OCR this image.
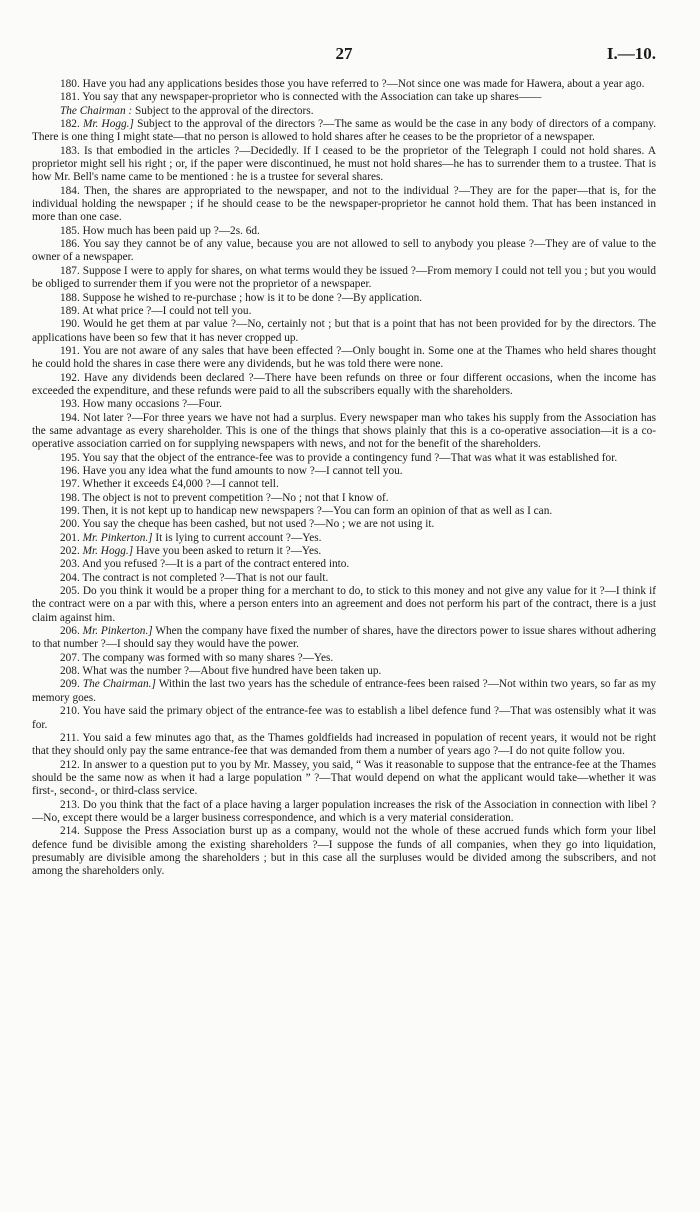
27	I.—10.

180. Have you had any applications besides those you have referred to ?—Not since one was made for Hawera, about a year ago.

181. You say that any newspaper-proprietor who is connected with the Association can take up shares——

The Chairman : Subject to the approval of the directors.

182. Mr. Hogg.] Subject to the approval of the directors ?—The same as would be the case in any body of directors of a company. There is one thing I might state—that no person is allowed to hold shares after he ceases to be the proprietor of a newspaper.

183. Is that embodied in the articles ?—Decidedly. If I ceased to be the proprietor of the Telegraph I could not hold shares. A proprietor might sell his right ; or, if the paper were discontinued, he must not hold shares—he has to surrender them to a trustee. That is how Mr. Bell's name came to be mentioned : he is a trustee for several shares.

184. Then, the shares are appropriated to the newspaper, and not to the individual ?—They are for the paper—that is, for the individual holding the newspaper ; if he should cease to be the newspaper-proprietor he cannot hold them. That has been instanced in more than one case.

185. How much has been paid up ?—2s. 6d.

186. You say they cannot be of any value, because you are not allowed to sell to anybody you please ?—They are of value to the owner of a newspaper.

187. Suppose I were to apply for shares, on what terms would they be issued ?—From memory I could not tell you ; but you would be obliged to surrender them if you were not the proprietor of a newspaper.

188. Suppose he wished to re-purchase ; how is it to be done ?—By application.

189. At what price ?—I could not tell you.

190. Would he get them at par value ?—No, certainly not ; but that is a point that has not been provided for by the directors. The applications have been so few that it has never cropped up.

191. You are not aware of any sales that have been effected ?—Only bought in. Some one at the Thames who held shares thought he could hold the shares in case there were any dividends, but he was told there were none.

192. Have any dividends been declared ?—There have been refunds on three or four different occasions, when the income has exceeded the expenditure, and these refunds were paid to all the subscribers equally with the shareholders.

193. How many occasions ?—Four.

194. Not later ?—For three years we have not had a surplus. Every newspaper man who takes his supply from the Association has the same advantage as every shareholder. This is one of the things that shows plainly that this is a co-operative association—it is a co-operative association carried on for supplying newspapers with news, and not for the benefit of the shareholders.

195. You say that the object of the entrance-fee was to provide a contingency fund ?—That was what it was established for.

196. Have you any idea what the fund amounts to now ?—I cannot tell you.

197. Whether it exceeds £4,000 ?—I cannot tell.

198. The object is not to prevent competition ?—No ; not that I know of.

199. Then, it is not kept up to handicap new newspapers ?—You can form an opinion of that as well as I can.

200. You say the cheque has been cashed, but not used ?—No ; we are not using it.

201. Mr. Pinkerton.] It is lying to current account ?—Yes.

202. Mr. Hogg.] Have you been asked to return it ?—Yes.

203. And you refused ?—It is a part of the contract entered into.

204. The contract is not completed ?—That is not our fault.

205. Do you think it would be a proper thing for a merchant to do, to stick to this money and not give any value for it ?—I think if the contract were on a par with this, where a person enters into an agreement and does not perform his part of the contract, there is a just claim against him.

206. Mr. Pinkerton.] When the company have fixed the number of shares, have the directors power to issue shares without adhering to that number ?—I should say they would have the power.

207. The company was formed with so many shares ?—Yes.

208. What was the number ?—About five hundred have been taken up.

209. The Chairman.] Within the last two years has the schedule of entrance-fees been raised ?—Not within two years, so far as my memory goes.

210. You have said the primary object of the entrance-fee was to establish a libel defence fund ?—That was ostensibly what it was for.

211. You said a few minutes ago that, as the Thames goldfields had increased in population of recent years, it would not be right that they should only pay the same entrance-fee that was demanded from them a number of years ago ?—I do not quite follow you.

212. In answer to a question put to you by Mr. Massey, you said, “ Was it reasonable to suppose that the entrance-fee at the Thames should be the same now as when it had a large population ” ?—That would depend on what the applicant would take—whether it was first-, second-, or third-class service.

213. Do you think that the fact of a place having a larger population increases the risk of the Association in connection with libel ?—No, except there would be a larger business correspondence, and which is a very material consideration.

214. Suppose the Press Association burst up as a company, would not the whole of these accrued funds which form your libel defence fund be divisible among the existing shareholders ?—I suppose the funds of all companies, when they go into liquidation, presumably are divisible among the shareholders ; but in this case all the surpluses would be divided among the subscribers, and not among the shareholders only.
